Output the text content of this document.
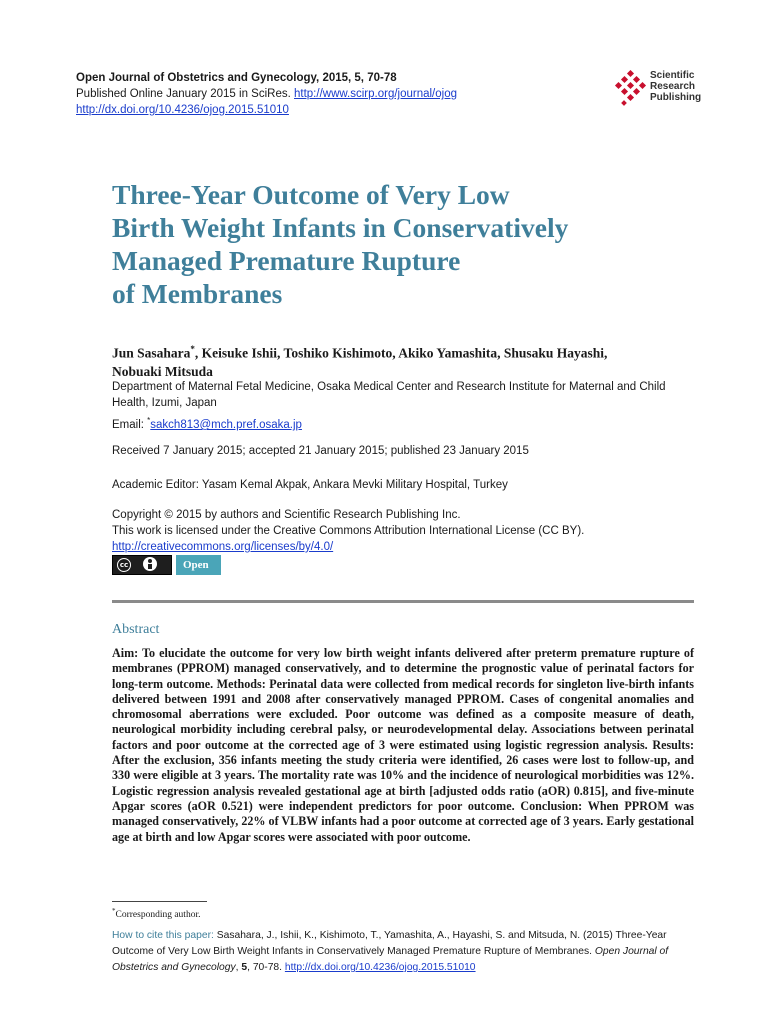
Open Journal of Obstetrics and Gynecology, 2015, 5, 70-78
Published Online January 2015 in SciRes. http://www.scirp.org/journal/ojog
http://dx.doi.org/10.4236/ojog.2015.51010
Scientific
Research
Publishing
Three-Year Outcome of Very Low
Birth Weight Infants in Conservatively
Managed Premature Rupture
of Membranes
Jun Sasahara*, Keisuke Ishii, Toshiko Kishimoto, Akiko Yamashita, Shusaku Hayashi,
Nobuaki Mitsuda
Department of Maternal Fetal Medicine, Osaka Medical Center and Research Institute for Maternal and Child Health, Izumi, Japan
Email: *sakch813@mch.pref.osaka.jp
Received 7 January 2015; accepted 21 January 2015; published 23 January 2015
Academic Editor: Yasam Kemal Akpak, Ankara Mevki Military Hospital, Turkey
Copyright © 2015 by authors and Scientific Research Publishing Inc.
This work is licensed under the Creative Commons Attribution International License (CC BY).
http://creativecommons.org/licenses/by/4.0/
cc	Open Access
Abstract

Aim: To elucidate the outcome for very low birth weight infants delivered after preterm premature rupture of membranes (PPROM) managed conservatively, and to determine the prognostic value of perinatal factors for long-term outcome. Methods: Perinatal data were collected from medical records for singleton live-birth infants delivered between 1991 and 2008 after conservatively managed PPROM. Cases of congenital anomalies and chromosomal aberrations were excluded. Poor outcome was defined as a composite measure of death, neurological morbidity including cerebral palsy, or neurodevelopmental delay. Associations between perinatal factors and poor outcome at the corrected age of 3 were estimated using logistic regression analysis. Results: After the exclusion, 356 infants meeting the study criteria were identified, 26 cases were lost to follow-up, and 330 were eligible at 3 years. The mortality rate was 10% and the incidence of neurological morbidities was 12%. Logistic regression analysis revealed gestational age at birth [adjusted odds ratio (aOR) 0.815], and five-minute Apgar scores (aOR 0.521) were independent predictors for poor outcome. Conclusion: When PPROM was managed conservatively, 22% of VLBW infants had a poor outcome at corrected age of 3 years. Early gestational age at birth and low Apgar scores were associated with poor outcome.

*Corresponding author.
How to cite this paper: Sasahara, J., Ishii, K., Kishimoto, T., Yamashita, A., Hayashi, S. and Mitsuda, N. (2015) Three-Year Outcome of Very Low Birth Weight Infants in Conservatively Managed Premature Rupture of Membranes. Open Journal of Obstetrics and Gynecology, 5, 70-78. http://dx.doi.org/10.4236/ojog.2015.51010
